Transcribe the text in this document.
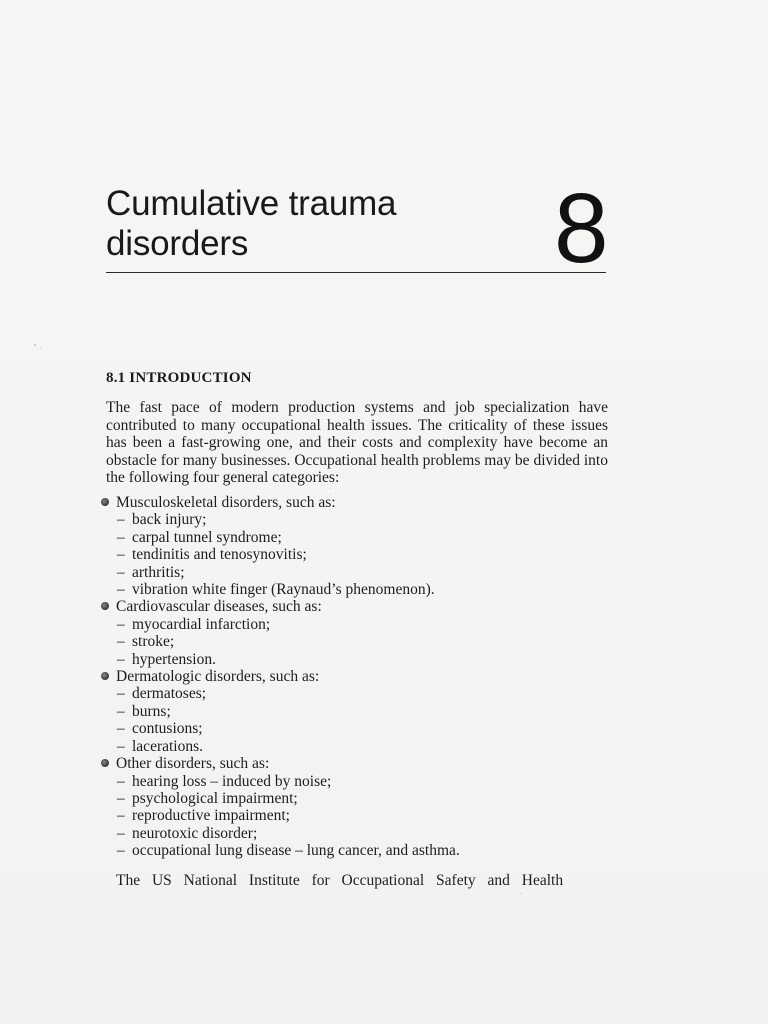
Cumulative trauma
disorders	8
8.1 INTRODUCTION

The fast pace of modern production systems and job specialization have contributed to many occupational health issues. The criticality of these issues has been a fast-growing one, and their costs and complexity have become an obstacle for many businesses. Occupational health problems may be divided into the following four general categories:

Musculoskeletal disorders, such as:
– back injury;
– carpal tunnel syndrome;
– tendinitis and tenosynovitis;
– arthritis;
– vibration white finger (Raynaud’s phenomenon).
Cardiovascular diseases, such as:
– myocardial infarction;
– stroke;
– hypertension.
Dermatologic disorders, such as:
– dermatoses;
– burns;
– contusions;
– lacerations.
Other disorders, such as:
– hearing loss – induced by noise;
– psychological impairment;
– reproductive impairment;
– neurotoxic disorder;
– occupational lung disease – lung cancer, and asthma.

The US National Institute for Occupational Safety and Health
